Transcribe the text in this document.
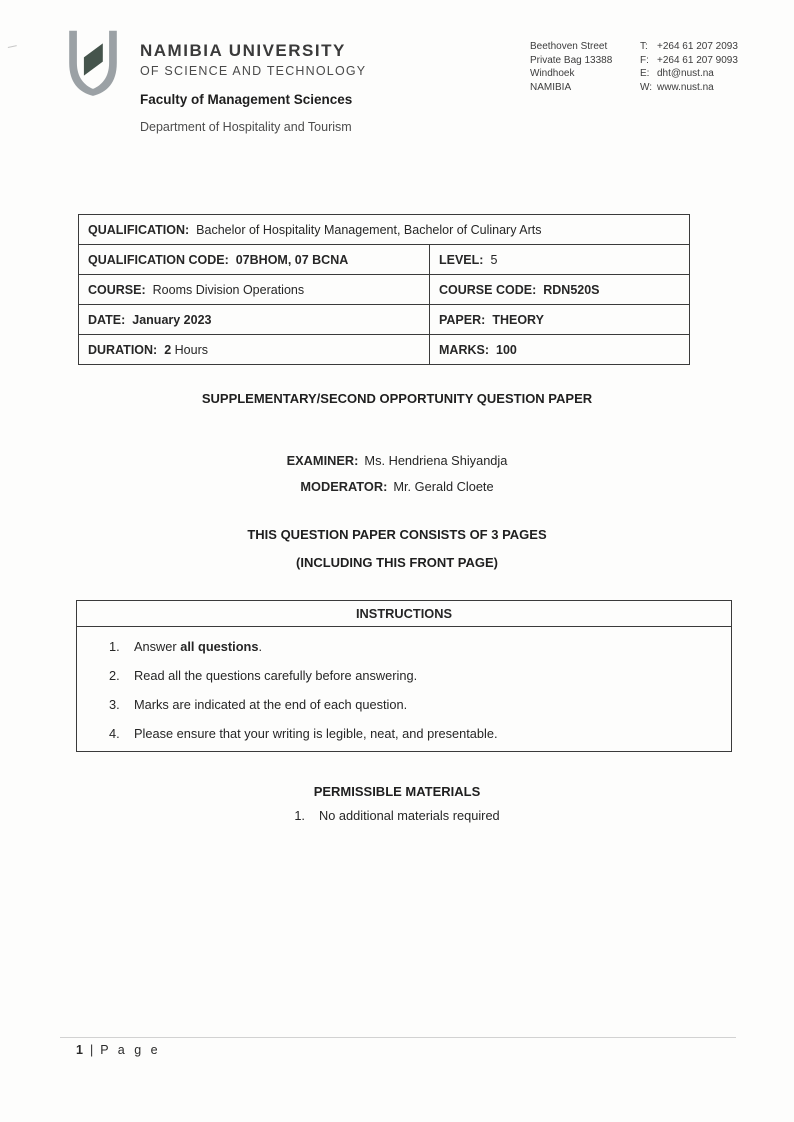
NAMIBIA UNIVERSITY
OF SCIENCE AND TECHNOLOGY
Faculty of Management Sciences
Department of Hospitality and Tourism
Beethoven Street
Private Bag 13388
Windhoek
NAMIBIA
T: +264 61 207 2093
F: +264 61 207 9093
E: dht@nust.na
W: www.nust.na
QUALIFICATION: Bachelor of Hospitality Management, Bachelor of Culinary Arts	
QUALIFICATION CODE: 07BHOM, 07 BCNA	LEVEL: 5
COURSE: Rooms Division Operations	COURSE CODE: RDN520S
DATE: January 2023	PAPER: THEORY
DURATION: 2 Hours	MARKS: 100
SUPPLEMENTARY/SECOND OPPORTUNITY QUESTION PAPER
EXAMINER: Ms. Hendriena Shiyandja
MODERATOR: Mr. Gerald Cloete
THIS QUESTION PAPER CONSISTS OF 3 PAGES
(INCLUDING THIS FRONT PAGE)
INSTRUCTIONS
1.	Answer all questions.
2.	Read all the questions carefully before answering.
3.	Marks are indicated at the end of each question.
4.	Please ensure that your writing is legible, neat, and presentable.
PERMISSIBLE MATERIALS
1. No additional materials required
1 | P a g e
